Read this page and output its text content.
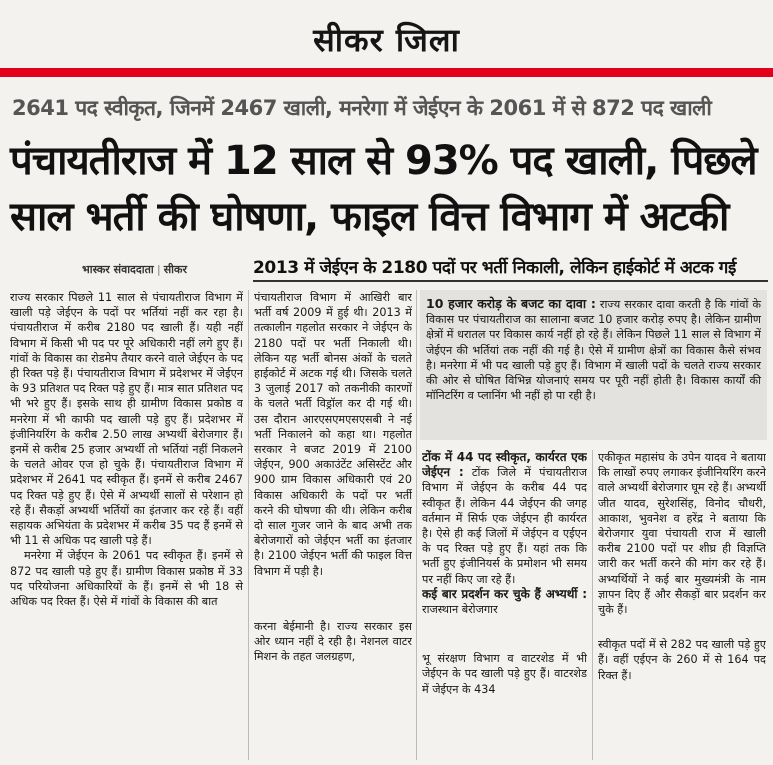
सीकर जिला
2641 पद स्वीकृत, जिनमें 2467 खाली, मनरेगा में जेईएन के 2061 में से 872 पद खाली
पंचायतीराज में 12 साल से 93% पद खाली, पिछले
साल भर्ती की घोषणा, फाइल वित्त विभाग में अटकी
भास्कर संवाददाता | सीकर	2013 में जेईएन के 2180 पदों पर भर्ती निकाली, लेकिन हाईकोर्ट में अटक गई

राज्य सरकार पिछले 11 साल से पंचायतीराज विभाग में खाली पड़े जेईएन के पदों पर भर्तियां नहीं कर रहा है। पंचायतीराज में करीब 2180 पद खाली हैं। यही नहीं विभाग में किसी भी पद पर पूरे अधिकारी नहीं लगे हुए हैं। गांवों के विकास का रोडमेप तैयार करने वाले जेईएन के पद ही रिक्त पड़े हैं। पंचायतीराज विभाग में प्रदेशभर में जेईएन के 93 प्रतिशत पद रिक्त पड़े हुए हैं। मात्र सात प्रतिशत पद भी भरे हुए हैं। इसके साथ ही ग्रामीण विकास प्रकोष्ठ व मनरेगा में भी काफी पद खाली पड़े हुए हैं। प्रदेशभर में इंजीनियरिंग के करीब 2.50 लाख अभ्यर्थी बेरोजगार हैं। इनमें से करीब 25 हजार अभ्यर्थी तो भर्तियां नहीं निकलने के चलते ओवर एज हो चुके हैं। पंचायतीराज विभाग में प्रदेशभर में 2641 पद स्वीकृत हैं। इनमें से करीब 2467 पद रिक्त पड़े हुए हैं। ऐसे में अभ्यर्थी सालों से परेशान हो रहे हैं। सैकड़ों अभ्यर्थी भर्तियों का इंतजार कर रहे हैं। वहीं सहायक अभियंता के प्रदेशभर में करीब 35 पद हैं इनमें से भी 11 से अधिक पद खाली पड़े हैं।

मनरेगा में जेईएन के 2061 पद स्वीकृत हैं। इनमें से 872 पद खाली पड़े हुए हैं। ग्रामीण विकास प्रकोष्ठ में 33 पद परियोजना अधिकारियों के हैं। इनमें से भी 18 से अधिक पद रिक्त हैं। ऐसे में गांवों के विकास की बात

पंचायतीराज विभाग में आखिरी बार भर्ती वर्ष 2009 में हुई थी। 2013 में तत्कालीन गहलोत सरकार ने जेईएन के 2180 पदों पर भर्ती निकाली थी। लेकिन यह भर्ती बोनस अंकों के चलते हाईकोर्ट में अटक गई थी। जिसके चलते 3 जुलाई 2017 को तकनीकी कारणों के चलते भर्ती विड्रॉल कर दी गई थी। उस दौरान आरएसएमएसएसबी ने नई भर्ती निकालने को कहा था। गहलोत सरकार ने बजट 2019 में 2100 जेईएन, 900 अकाउंटेंट असिस्टेंट और 900 ग्राम विकास अधिकारी एवं 20 विकास अधिकारी के पदों पर भर्ती करने की घोषणा की थी। लेकिन करीब दो साल गुजर जाने के बाद अभी तक बेरोजगारों को जेईएन भर्ती का इंतजार है। 2100 जेईएन भर्ती की फाइल वित्त विभाग में पड़ी है।

करना बेईमानी है। राज्य सरकार इस ओर ध्यान नहीं दे रही है। नेशनल वाटर मिशन के तहत जलग्रहण,

10 हजार करोड़ के बजट का दावा : राज्य सरकार दावा करती है कि गांवों के विकास पर पंचायतीराज का सालाना बजट 10 हजार करोड़ रुपए है। लेकिन ग्रामीण क्षेत्रों में धरातल पर विकास कार्य नहीं हो रहे हैं। लेकिन पिछले 11 साल से विभाग में जेईएन की भर्तियां तक नहीं की गई है। ऐसे में ग्रामीण क्षेत्रों का विकास कैसे संभव है। मनरेगा में भी पद खाली पड़े हुए हैं। विभाग में खाली पदों के चलते राज्य सरकार की ओर से घोषित विभिन्न योजनाएं समय पर पूरी नहीं होती है। विकास कार्यों की मॉनिटरिंग व प्लानिंग भी नहीं हो पा रही है।

टोंक में 44 पद स्वीकृत, कार्यरत एक जेईएन : टोंक जिले में पंचायतीराज विभाग में जेईएन के करीब 44 पद स्वीकृत हैं। लेकिन 44 जेईएन की जगह वर्तमान में सिर्फ एक जेईएन ही कार्यरत है। ऐसे ही कई जिलों में जेईएन व एईएन के पद रिक्त पड़े हुए हैं। यहां तक कि भर्ती हुए इंजीनियर्स के प्रमोशन भी समय पर नहीं किए जा रहे हैं।

कई बार प्रदर्शन कर चुके हैं अभ्यर्थी : राजस्थान बेरोजगार

भू संरक्षण विभाग व वाटरशेड में भी जेईएन के पद खाली पड़े हुए हैं। वाटरशेड में जेईएन के 434

एकीकृत महासंघ के उपेन यादव ने बताया कि लाखों रुपए लगाकर इंजीनियरिंग करने वाले अभ्यर्थी बेरोजगार घूम रहे हैं। अभ्यर्थी जीत यादव, सुरेशसिंह, विनोद चौधरी, आकाश, भुवनेश व हरेंद्र ने बताया कि बेरोजगार युवा पंचायती राज में खाली करीब 2100 पदों पर शीघ्र ही विज्ञप्ति जारी कर भर्ती करने की मांग कर रहे हैं। अभ्यर्थियों ने कई बार मुख्यमंत्री के नाम ज्ञापन दिए हैं और सैकड़ों बार प्रदर्शन कर चुके हैं।

स्वीकृत पदों में से 282 पद खाली पड़े हुए हैं। वहीं एईएन के 260 में से 164 पद रिक्त हैं।
